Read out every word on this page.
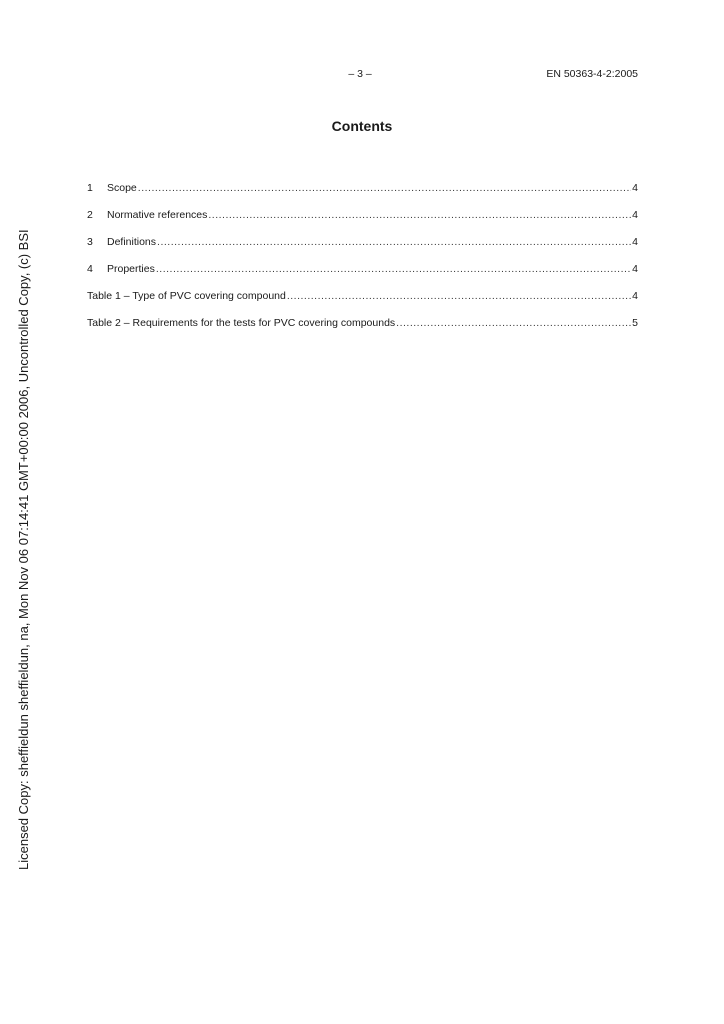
– 3 –	EN 50363-4-2:2005
Contents
1	Scope .....	4
2	Normative references .....	4
3	Definitions .....	4
4	Properties .....	4
Table 1 – Type of PVC covering compound .....	4
Table 2 – Requirements for the tests for PVC covering compounds .....	5
Licensed Copy: sheffieldun sheffieldun, na, Mon Nov 06 07:14:41 GMT+00:00 2006, Uncontrolled Copy, (c) BSI
